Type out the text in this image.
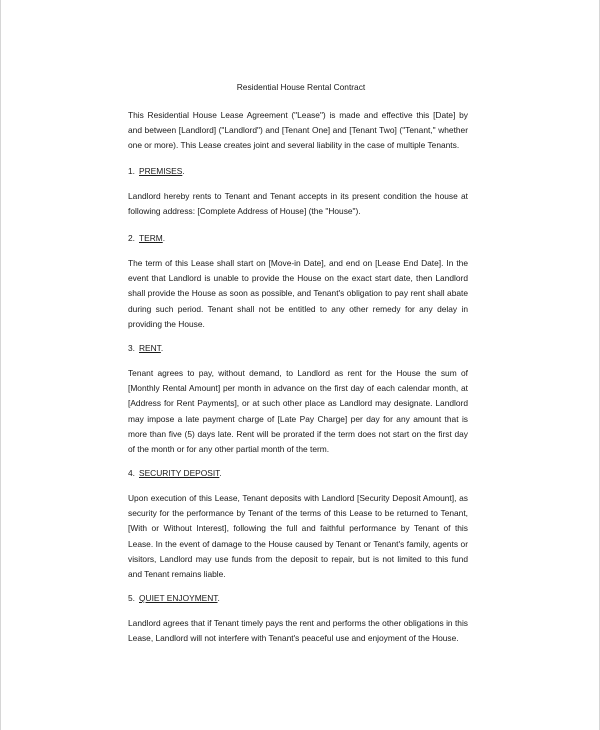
Residential House Rental Contract
This Residential House Lease Agreement ("Lease") is made and effective this [Date] by
and between [Landlord] ("Landlord") and [Tenant One] and [Tenant Two] ("Tenant," whether
one or more). This Lease creates joint and several liability in the case of multiple Tenants.
1. PREMISES.
Landlord hereby rents to Tenant and Tenant accepts in its present condition the house at
following address: [Complete Address of House] (the "House").
2. TERM.
The term of this Lease shall start on [Move-in Date], and end on [Lease End Date]. In the
event that Landlord is unable to provide the House on the exact start date, then Landlord
shall provide the House as soon as possible, and Tenant's obligation to pay rent shall abate
during such period. Tenant shall not be entitled to any other remedy for any delay in
providing the House.
3. RENT.
Tenant agrees to pay, without demand, to Landlord as rent for the House the sum of
[Monthly Rental Amount] per month in advance on the first day of each calendar month, at
[Address for Rent Payments], or at such other place as Landlord may designate. Landlord
may impose a late payment charge of [Late Pay Charge] per day for any amount that is
more than five (5) days late. Rent will be prorated if the term does not start on the first day
of the month or for any other partial month of the term.
4. SECURITY DEPOSIT.
Upon execution of this Lease, Tenant deposits with Landlord [Security Deposit Amount], as
security for the performance by Tenant of the terms of this Lease to be returned to Tenant,
[With or Without Interest], following the full and faithful performance by Tenant of this
Lease. In the event of damage to the House caused by Tenant or Tenant's family, agents or
visitors, Landlord may use funds from the deposit to repair, but is not limited to this fund
and Tenant remains liable.
5. QUIET ENJOYMENT.
Landlord agrees that if Tenant timely pays the rent and performs the other obligations in this
Lease, Landlord will not interfere with Tenant's peaceful use and enjoyment of the House.
